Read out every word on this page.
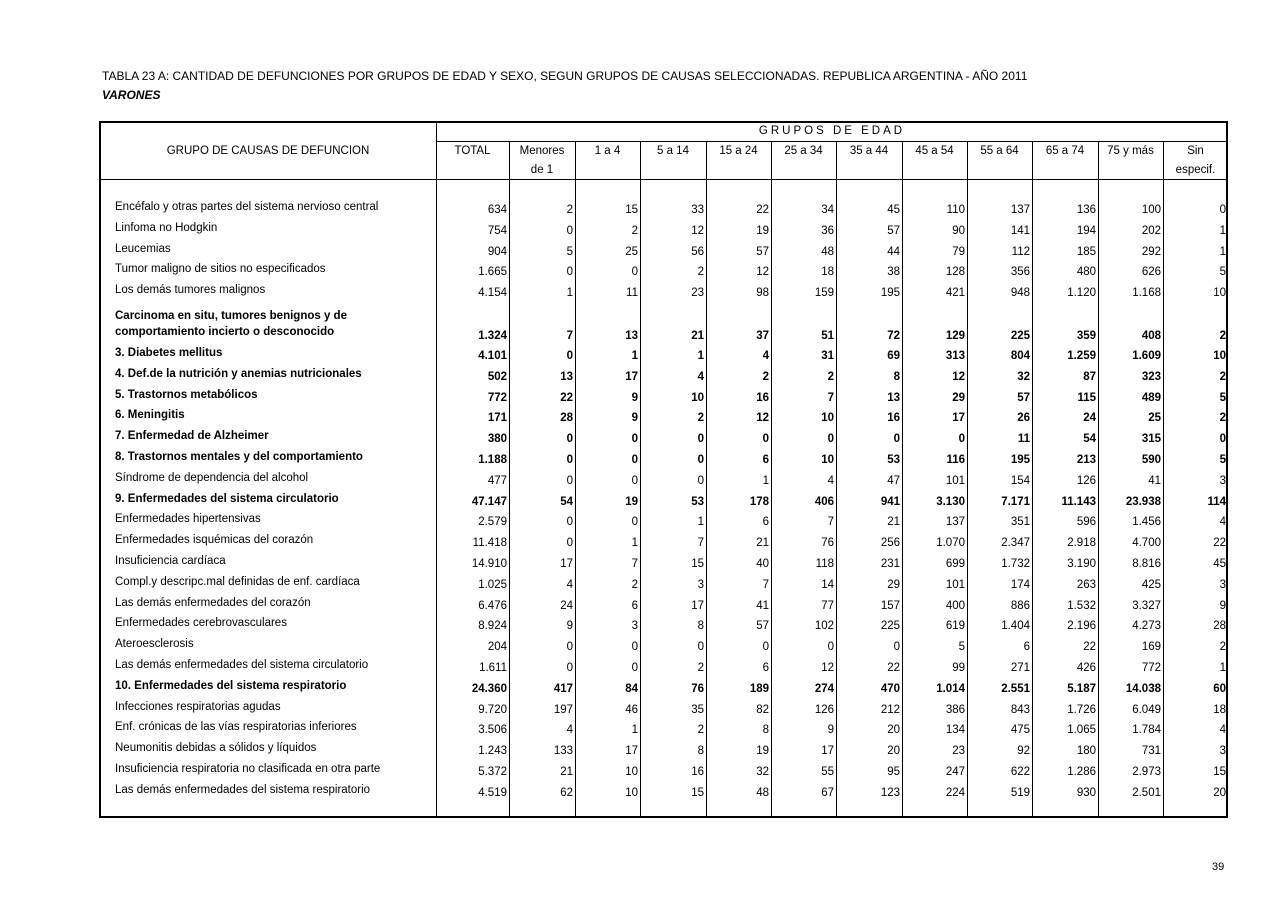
TABLA 23 A: CANTIDAD DE DEFUNCIONES POR GRUPOS DE EDAD Y SEXO, SEGUN GRUPOS DE CAUSAS SELECCIONADAS. REPUBLICA ARGENTINA - AÑO 2011
VARONES
GRUPOS DE EDAD
GRUPO DE CAUSAS DE DEFUNCION	TOTAL	Menores
de 1
1 a 4	5 a 14	15 a 24	25 a 34	35 a 44	45 a 54	55 a 64	65 a 74	75 y más	Sin
especif.
Encéfalo y otras partes del sistema nervioso central	634	2	15	33	22	34	45	110	137	136	100	0
Linfoma no Hodgkin	754	0	2	12	19	36	57	90	141	194	202	1
Leucemias	904	5	25	56	57	48	44	79	112	185	292	1
Tumor maligno de sitios no especificados	1.665	0	0	2	12	18	38	128	356	480	626	5
Los demás tumores malignos	4.154	1	11	23	98	159	195	421	948	1.120	1.168	10
Carcinoma en situ, tumores benignos y de
comportamiento incierto o desconocido	1.324	7	13	21	37	51	72	129	225	359	408	2
3. Diabetes mellitus	4.101	0	1	1	4	31	69	313	804	1.259	1.609	10
4. Def.de la nutrición y anemias nutricionales	502	13	17	4	2	2	8	12	32	87	323	2
5. Trastornos metabólicos	772	22	9	10	16	7	13	29	57	115	489	5
6. Meningitis	171	28	9	2	12	10	16	17	26	24	25	2
7. Enfermedad de Alzheimer	380	0	0	0	0	0	0	0	11	54	315	0
8. Trastornos mentales y del comportamiento	1.188	0	0	0	6	10	53	116	195	213	590	5
Síndrome de dependencia del alcohol	477	0	0	0	1	4	47	101	154	126	41	3
9. Enfermedades del sistema circulatorio	47.147	54	19	53	178	406	941	3.130	7.171	11.143	23.938	114
Enfermedades hipertensivas	2.579	0	0	1	6	7	21	137	351	596	1.456	4
Enfermedades isquémicas del corazón	11.418	0	1	7	21	76	256	1.070	2.347	2.918	4.700	22
Insuficiencia cardíaca	14.910	17	7	15	40	118	231	699	1.732	3.190	8.816	45
Compl.y descripc.mal definidas de enf. cardíaca	1.025	4	2	3	7	14	29	101	174	263	425	3
Las demás enfermedades del corazón	6.476	24	6	17	41	77	157	400	886	1.532	3.327	9
Enfermedades cerebrovasculares	8.924	9	3	8	57	102	225	619	1.404	2.196	4.273	28
Ateroesclerosis	204	0	0	0	0	0	0	5	6	22	169	2
Las demás enfermedades del sistema circulatorio	1.611	0	0	2	6	12	22	99	271	426	772	1
10. Enfermedades del sistema respiratorio	24.360	417	84	76	189	274	470	1.014	2.551	5.187	14.038	60
Infecciones respiratorias agudas	9.720	197	46	35	82	126	212	386	843	1.726	6.049	18
Enf. crónicas de las vías respiratorias inferiores	3.506	4	1	2	8	9	20	134	475	1.065	1.784	4
Neumonitis debidas a sólidos y líquidos	1.243	133	17	8	19	17	20	23	92	180	731	3
Insuficiencia respiratoria no clasificada en otra parte	5.372	21	10	16	32	55	95	247	622	1.286	2.973	15
Las demás enfermedades del sistema respiratorio	4.519	62	10	15	48	67	123	224	519	930	2.501	20
39
